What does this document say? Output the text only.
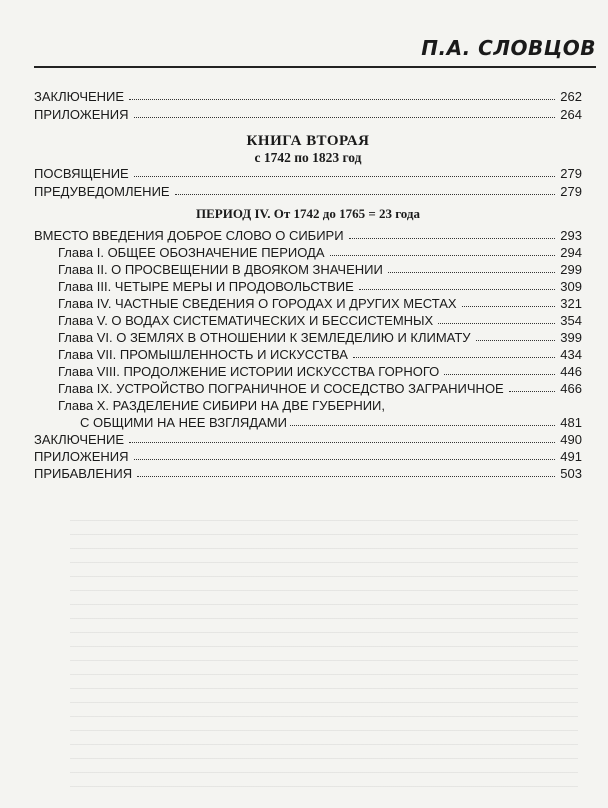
П.А. СЛОВЦОВ
ЗАКЛЮЧЕНИЕ	262
ПРИЛОЖЕНИЯ	264
КНИГА ВТОРАЯ
с 1742 по 1823 год
ПОСВЯЩЕНИЕ	279
ПРЕДУВЕДОМЛЕНИЕ	279
ПЕРИОД IV. От 1742 до 1765 = 23 года
ВМЕСТО ВВЕДЕНИЯ ДОБРОЕ СЛОВО О СИБИРИ	293
Глава I. ОБЩЕЕ ОБОЗНАЧЕНИЕ ПЕРИОДА	294
Глава II. О ПРОСВЕЩЕНИИ В ДВОЯКОМ ЗНАЧЕНИИ	299
Глава III. ЧЕТЫРЕ МЕРЫ И ПРОДОВОЛЬСТВИЕ	309
Глава IV. ЧАСТНЫЕ СВЕДЕНИЯ О ГОРОДАХ И ДРУГИХ МЕСТАХ	321
Глава V. О ВОДАХ СИСТЕМАТИЧЕСКИХ И БЕССИСТЕМНЫХ	354
Глава VI. О ЗЕМЛЯХ В ОТНОШЕНИИ К ЗЕМЛЕДЕЛИЮ И КЛИМАТУ	399
Глава VII. ПРОМЫШЛЕННОСТЬ И ИСКУССТВА	434
Глава VIII. ПРОДОЛЖЕНИЕ ИСТОРИИ ИСКУССТВА ГОРНОГО	446
Глава IX. УСТРОЙСТВО ПОГРАНИЧНОЕ И СОСЕДСТВО ЗАГРАНИЧНОЕ	466
Глава X. РАЗДЕЛЕНИЕ СИБИРИ НА ДВЕ ГУБЕРНИИ,
С ОБЩИМИ НА НЕЕ ВЗГЛЯДАМИ	481
ЗАКЛЮЧЕНИЕ	490
ПРИЛОЖЕНИЯ	491
ПРИБАВЛЕНИЯ	503
